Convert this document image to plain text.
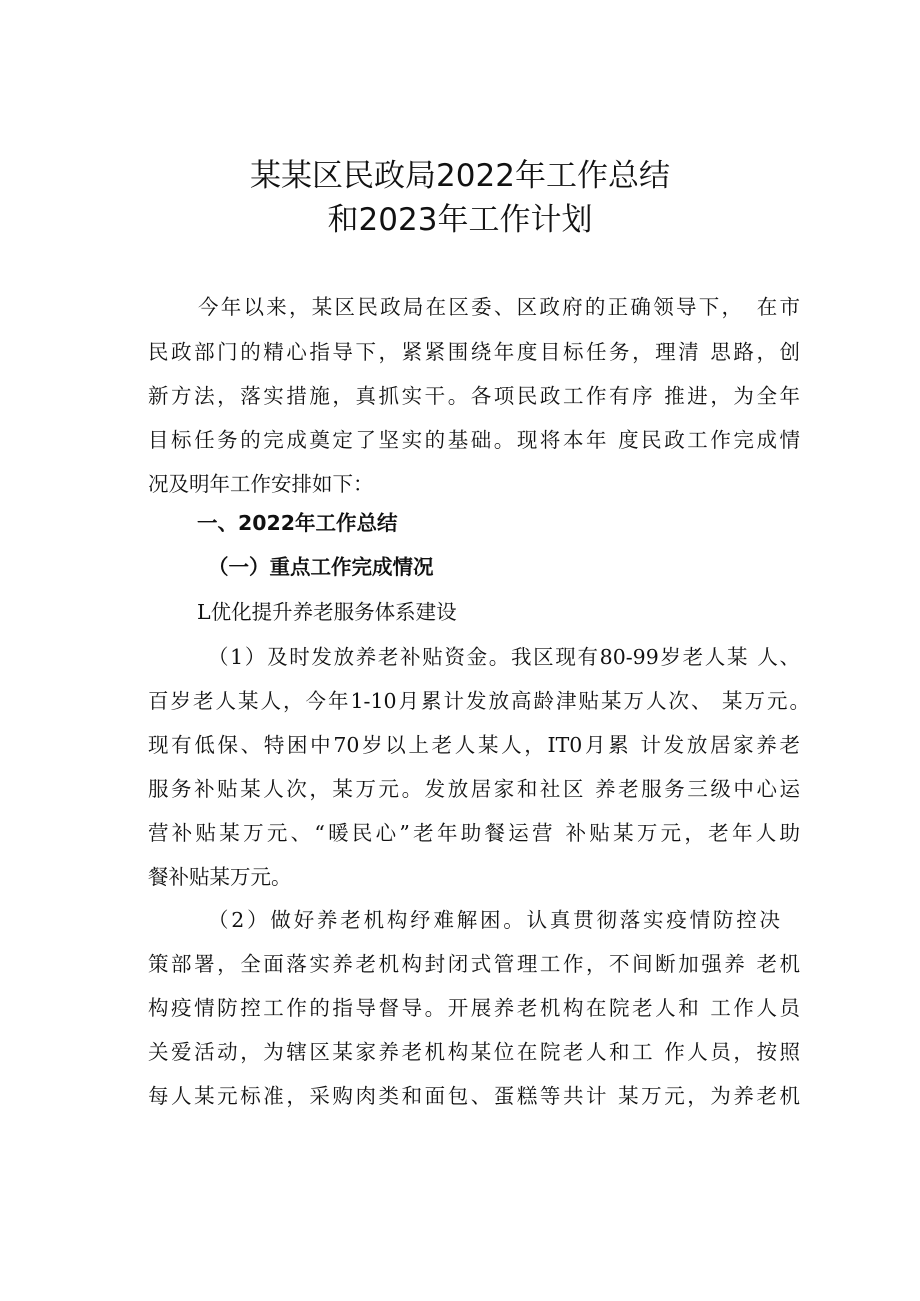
某某区民政局2022年工作总结
和2023年工作计划
今年以来，某区民政局在区委、区政府的正确领导下，　在市
民政部门的精心指导下，紧紧围绕年度目标任务，理清 思路，创
新方法，落实措施，真抓实干。各项民政工作有序 推进，为全年
目标任务的完成奠定了坚实的基础。现将本年 度民政工作完成情
况及明年工作安排如下：
一、2022年工作总结
（一）重点工作完成情况
L优化提升养老服务体系建设
（1）及时发放养老补贴资金。我区现有80-99岁老人某 人、
百岁老人某人，今年1-10月累计发放高龄津贴某万人次、 某万元。
现有低保、特困中70岁以上老人某人，IT0月累 计发放居家养老
服务补贴某人次，某万元。发放居家和社区 养老服务三级中心运
营补贴某万元、“暖民心”老年助餐运营 补贴某万元，老年人助
餐补贴某万元。
（2）做好养老机构纾难解困。认真贯彻落实疫情防控决
策部署，全面落实养老机构封闭式管理工作，不间断加强养 老机
构疫情防控工作的指导督导。开展养老机构在院老人和 工作人员
关爱活动，为辖区某家养老机构某位在院老人和工 作人员，按照
每人某元标准，采购肉类和面包、蛋糕等共计 某万元，为养老机
